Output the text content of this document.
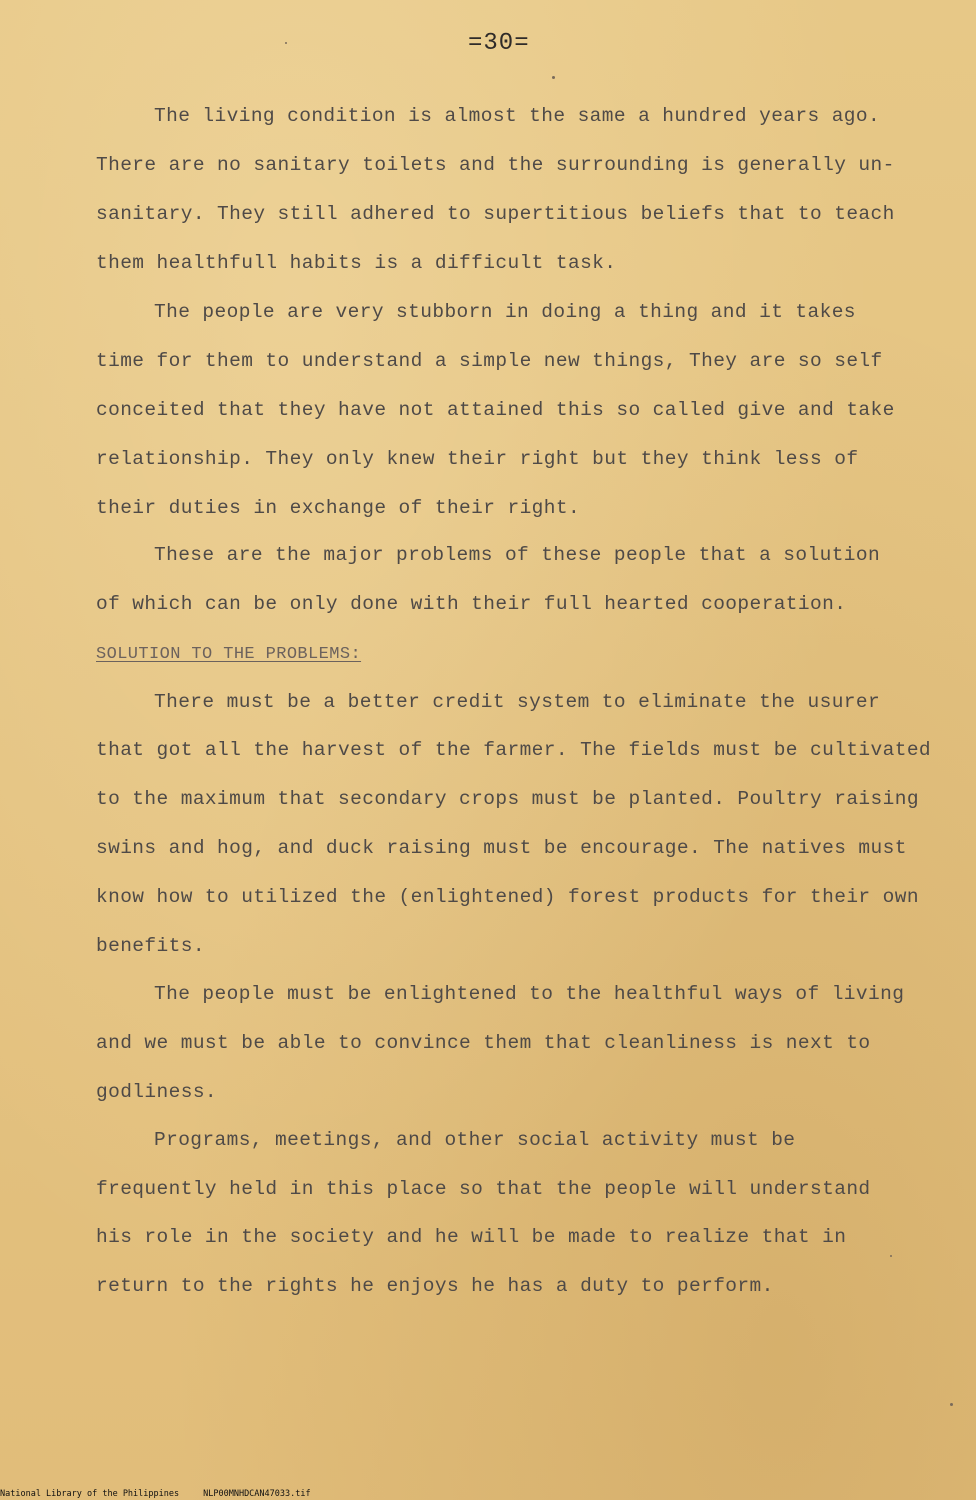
=30=

The living condition is almost the same a hundred years ago.

There are no sanitary toilets and the surrounding is generally un-

sanitary. They still adhered to supertitious beliefs that to teach

them healthfull habits is a difficult task.

The people are very stubborn in doing a thing and it takes

time for them to understand a simple new things, They are so self

conceited that they have not attained this so called give and take

relationship. They only knew their right but they think less of

their duties in exchange of their right.

These are the major problems of these people that a solution

of which can be only done with their full hearted cooperation.

SOLUTION TO THE PROBLEMS:

There must be a better credit system to eliminate the usurer

that got all the harvest of the farmer. The fields must be cultivated

to the maximum that secondary crops must be planted. Poultry raising

swins and hog, and duck raising must be encourage. The natives must

know how to utilized the (enlightened) forest products for their own

benefits.

The people must be enlightened to the healthful ways of living

and we must be able to convince them that cleanliness is next to

godliness.

Programs, meetings, and other social activity must be

frequently held in this place so that the people will understand

his role in the society and he will be made to realize that in

return to the rights he enjoys he has a duty to perform.

National Library of the Philippines	NLP00MNHDCAN47033.tif
